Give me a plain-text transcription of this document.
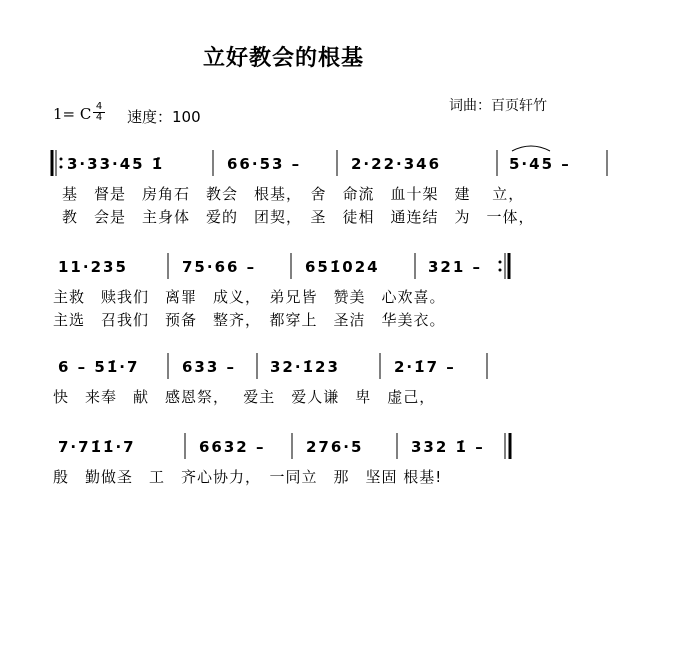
立好教会的根基
1= C 4
4 速度：100
词曲：百页轩竹
3·33·45 1̇	66·53 –	2·22·346	5·45 –
基　督是　房角石　教会　根基，　舍　命流　血十架　建　 立，
教　会是　主身体　爱的　团契，　圣　徒相　通连结　为　一体，
11·235	75·66 –	651̇024	321 –
主救　赎我们　离罪　成义，　弟兄皆　赞美　心欢喜。
主选　召我们　预备　整齐，　都穿上　圣洁　华美衣。
6 – 51̇·7	633 – 32·1̇23	2·1̇7 –
快　来奉　献　感恩祭，　 爱主　爱人谦　卑　虚己，
7·71̇1̇·7	6632 –	276·5	332 1̇ –
殷　勤做圣　工　齐心协力，　一同立　那　坚固 根基!
